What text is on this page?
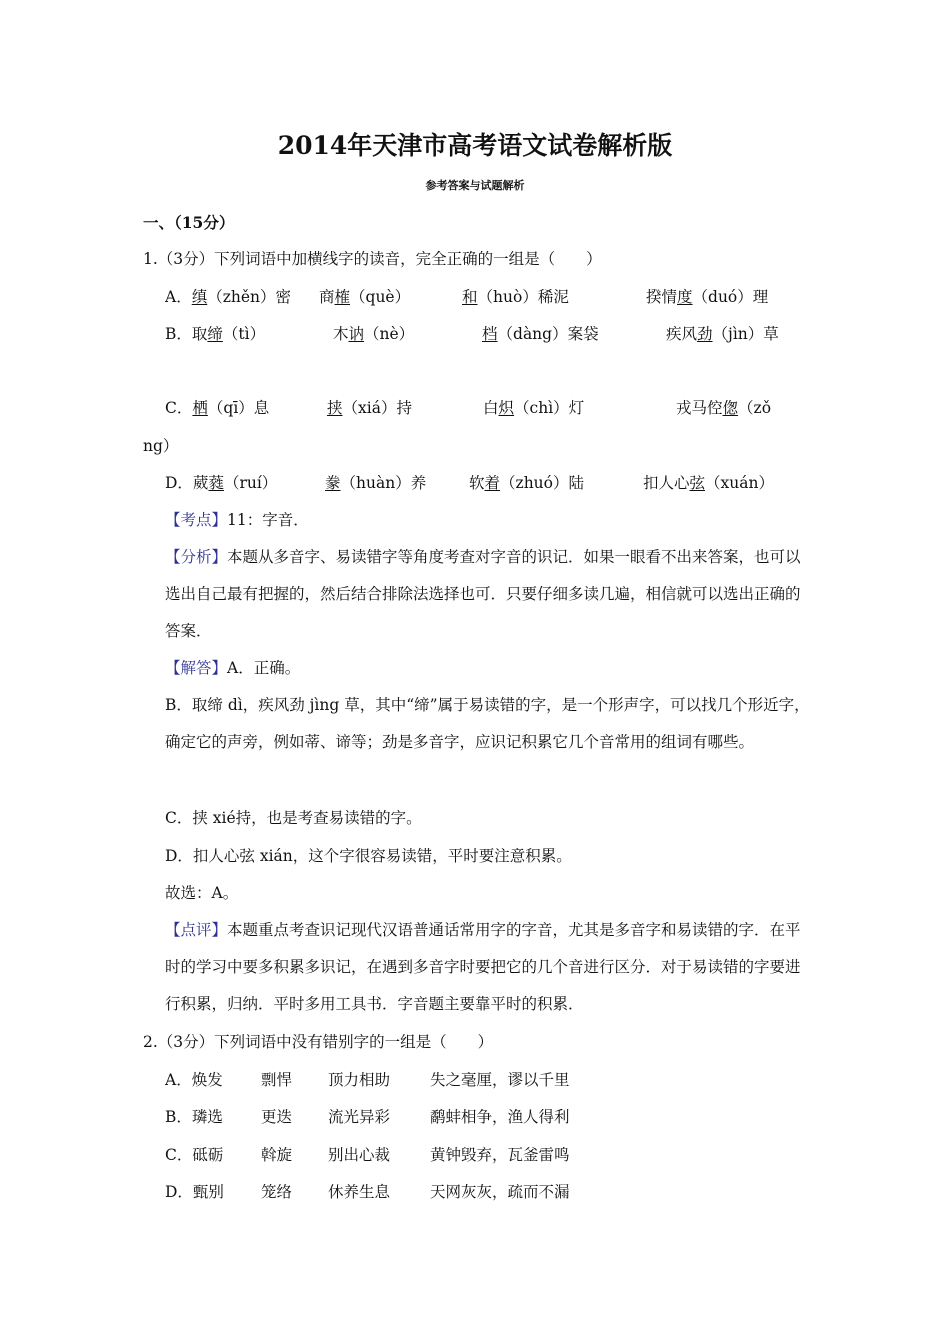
2014年天津市高考语文试卷解析版
参考答案与试题解析
一、（15分）
1.（3分）下列词语中加横线字的读音，完全正确的一组是（　　）
A．缜（zhěn）密 商榷（què）	和（huò）稀泥	揆情度（duó）理
B．取缔（tì）	木讷（nè）	档（dàng）案袋	疾风劲（jìn）草
C．栖（qī）息	挟（xiá）持	白炽（chì）灯	戎马倥偬（zǒ
ng）
D．葳蕤（ruí）	豢（huàn）养	软着（zhuó）陆	扣人心弦（xuán）
【考点】11：字音．
【分析】本题从多音字、易读错字等角度考查对字音的识记．如果一眼看不出来答案，也可以选出自己最有把握的，然后结合排除法选择也可．只要仔细多读几遍，相信就可以选出正确的答案．
【解答】A．正确。
B．取缔 dì，疾风劲 jìng 草，其中“缔”属于易读错的字，是一个形声字，可以找几个形近字，确定它的声旁，例如蒂、谛等；劲是多音字，应识记积累它几个音常用的组词有哪些。
C．挟 xié持，也是考查易读错的字。
D．扣人心弦 xián，这个字很容易读错，平时要注意积累。
故选：A。
【点评】本题重点考查识记现代汉语普通话常用字的字音，尤其是多音字和易读错的字．在平时的学习中要多积累多识记，在遇到多音字时要把它的几个音进行区分．对于易读错的字要进行积累，归纳．平时多用工具书．字音题主要靠平时的积累．
2.（3分）下列词语中没有错别字的一组是（　　）
A．焕发 剽悍 顶力相助	失之毫厘，谬以千里
B．璘选 更迭 流光异彩	鹬蚌相争，渔人得利
C．砥砺 斡旋 别出心裁	黄钟毁弃，瓦釜雷鸣
D．甄别 笼络 休养生息	天网灰灰，疏而不漏
